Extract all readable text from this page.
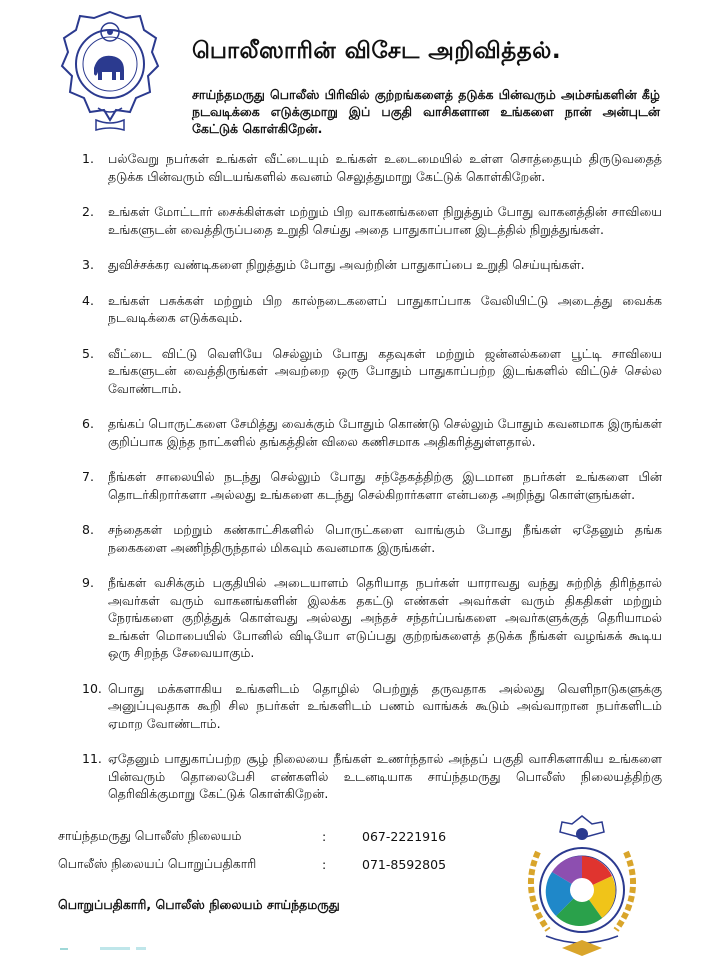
பொலீஸாரின் விசேட அறிவித்தல்.

சாய்ந்தமருது பொலீஸ் பிரிவில் குற்றங்களைத் தடுக்க பின்வரும் அம்சங்களின் கீழ் நடவடிக்கை எடுக்குமாறு இப் பகுதி வாசிகளான உங்களை நான் அன்புடன் கேட்டுக் கொள்கிறேன்.

1.	பல்வேறு நபர்கள் உங்கள் வீட்டையும் உங்கள் உடைமையில் உள்ள சொத்தையும் திருடுவதைத் தடுக்க பின்வரும் விடயங்களில் கவனம் செலுத்துமாறு கேட்டுக் கொள்கிறேன்.
2.	உங்கள் மோட்டார் சைக்கிள்கள் மற்றும் பிற வாகனங்களை நிறுத்தும் போது வாகனத்தின் சாவியை உங்களுடன் வைத்திருப்பதை உறுதி செய்து அதை பாதுகாப்பான இடத்தில் நிறுத்துங்கள்.
3.	துவிச்சக்கர வண்டிகளை நிறுத்தும் போது அவற்றின் பாதுகாப்பை உறுதி செய்யுங்கள்.
4.	உங்கள் பசுக்கள் மற்றும் பிற கால்நடைகளைப் பாதுகாப்பாக வேலியிட்டு அடைத்து வைக்க நடவடிக்கை எடுக்கவும்.
5.	வீட்டை விட்டு வெளியே செல்லும் போது கதவுகள் மற்றும் ஜன்னல்களை பூட்டி சாவியை உங்களுடன் வைத்திருங்கள் அவற்றை ஒரு போதும் பாதுகாப்பற்ற இடங்களில் விட்டுச் செல்ல வோண்டாம்.
6.	தங்கப் பொருட்களை சேமித்து வைக்கும் போதும் கொண்டு செல்லும் போதும் கவனமாக இருங்கள் குறிப்பாக இந்த நாட்களில் தங்கத்தின் விலை கணிசமாக அதிகரித்துள்ளதால்.
7.	நீங்கள் சாலையில் நடந்து செல்லும் போது சந்தேகத்திற்கு இடமான நபர்கள் உங்களை பின் தொடர்கிறார்களா அல்லது உங்களை கடந்து செல்கிறார்களா என்பதை அறிந்து கொள்ளுங்கள்.
8.	சந்தைகள் மற்றும் கண்காட்சிகளில் பொருட்களை வாங்கும் போது நீங்கள் ஏதேனும் தங்க நகைகளை அணிந்திருந்தால் மிகவும் கவனமாக இருங்கள்.
9.	நீங்கள் வசிக்கும் பகுதியில் அடையாளம் தெரியாத நபர்கள் யாராவது வந்து சுற்றித் திரிந்தால் அவர்கள் வரும் வாகனங்களின் இலக்க தகட்டு எண்கள் அவர்கள் வரும் திகதிகள் மற்றும் நேரங்களை குறித்துக் கொள்வது அல்லது அந்தச் சந்தர்ப்பங்களை அவர்களுக்குத் தெரியாமல் உங்கள் மொபையில் போனில் விடியோ எடுப்பது குற்றங்களைத் தடுக்க நீங்கள் வழங்கக் கூடிய ஒரு சிறந்த சேவையாகும்.
10. பொது மக்களாகிய உங்களிடம் தொழில் பெற்றுத் தருவதாக அல்லது வெளிநாடுகளுக்கு அனுப்புவதாக கூறி சில நபர்கள் உங்களிடம் பணம் வாங்கக் கூடும் அவ்வாறான நபர்களிடம் ஏமாற வோண்டாம்.
11. ஏதேனும் பாதுகாப்பற்ற சூழ் நிலையை நீங்கள் உணர்ந்தால் அந்தப் பகுதி வாசிகளாகிய உங்களை பின்வரும் தொலைபேசி எண்களில் உடனடியாக சாய்ந்தமருது பொலீஸ் நிலையத்திற்கு தெரிவிக்குமாறு கேட்டுக் கொள்கிறேன்.
சாய்ந்தமருது பொலீஸ் நிலையம்	:	067-2221916
பொலீஸ் நிலையப் பொறுப்பதிகாரி	:	071-8592805

பொறுப்பதிகாரி, பொலீஸ் நிலையம் சாய்ந்தமருது
